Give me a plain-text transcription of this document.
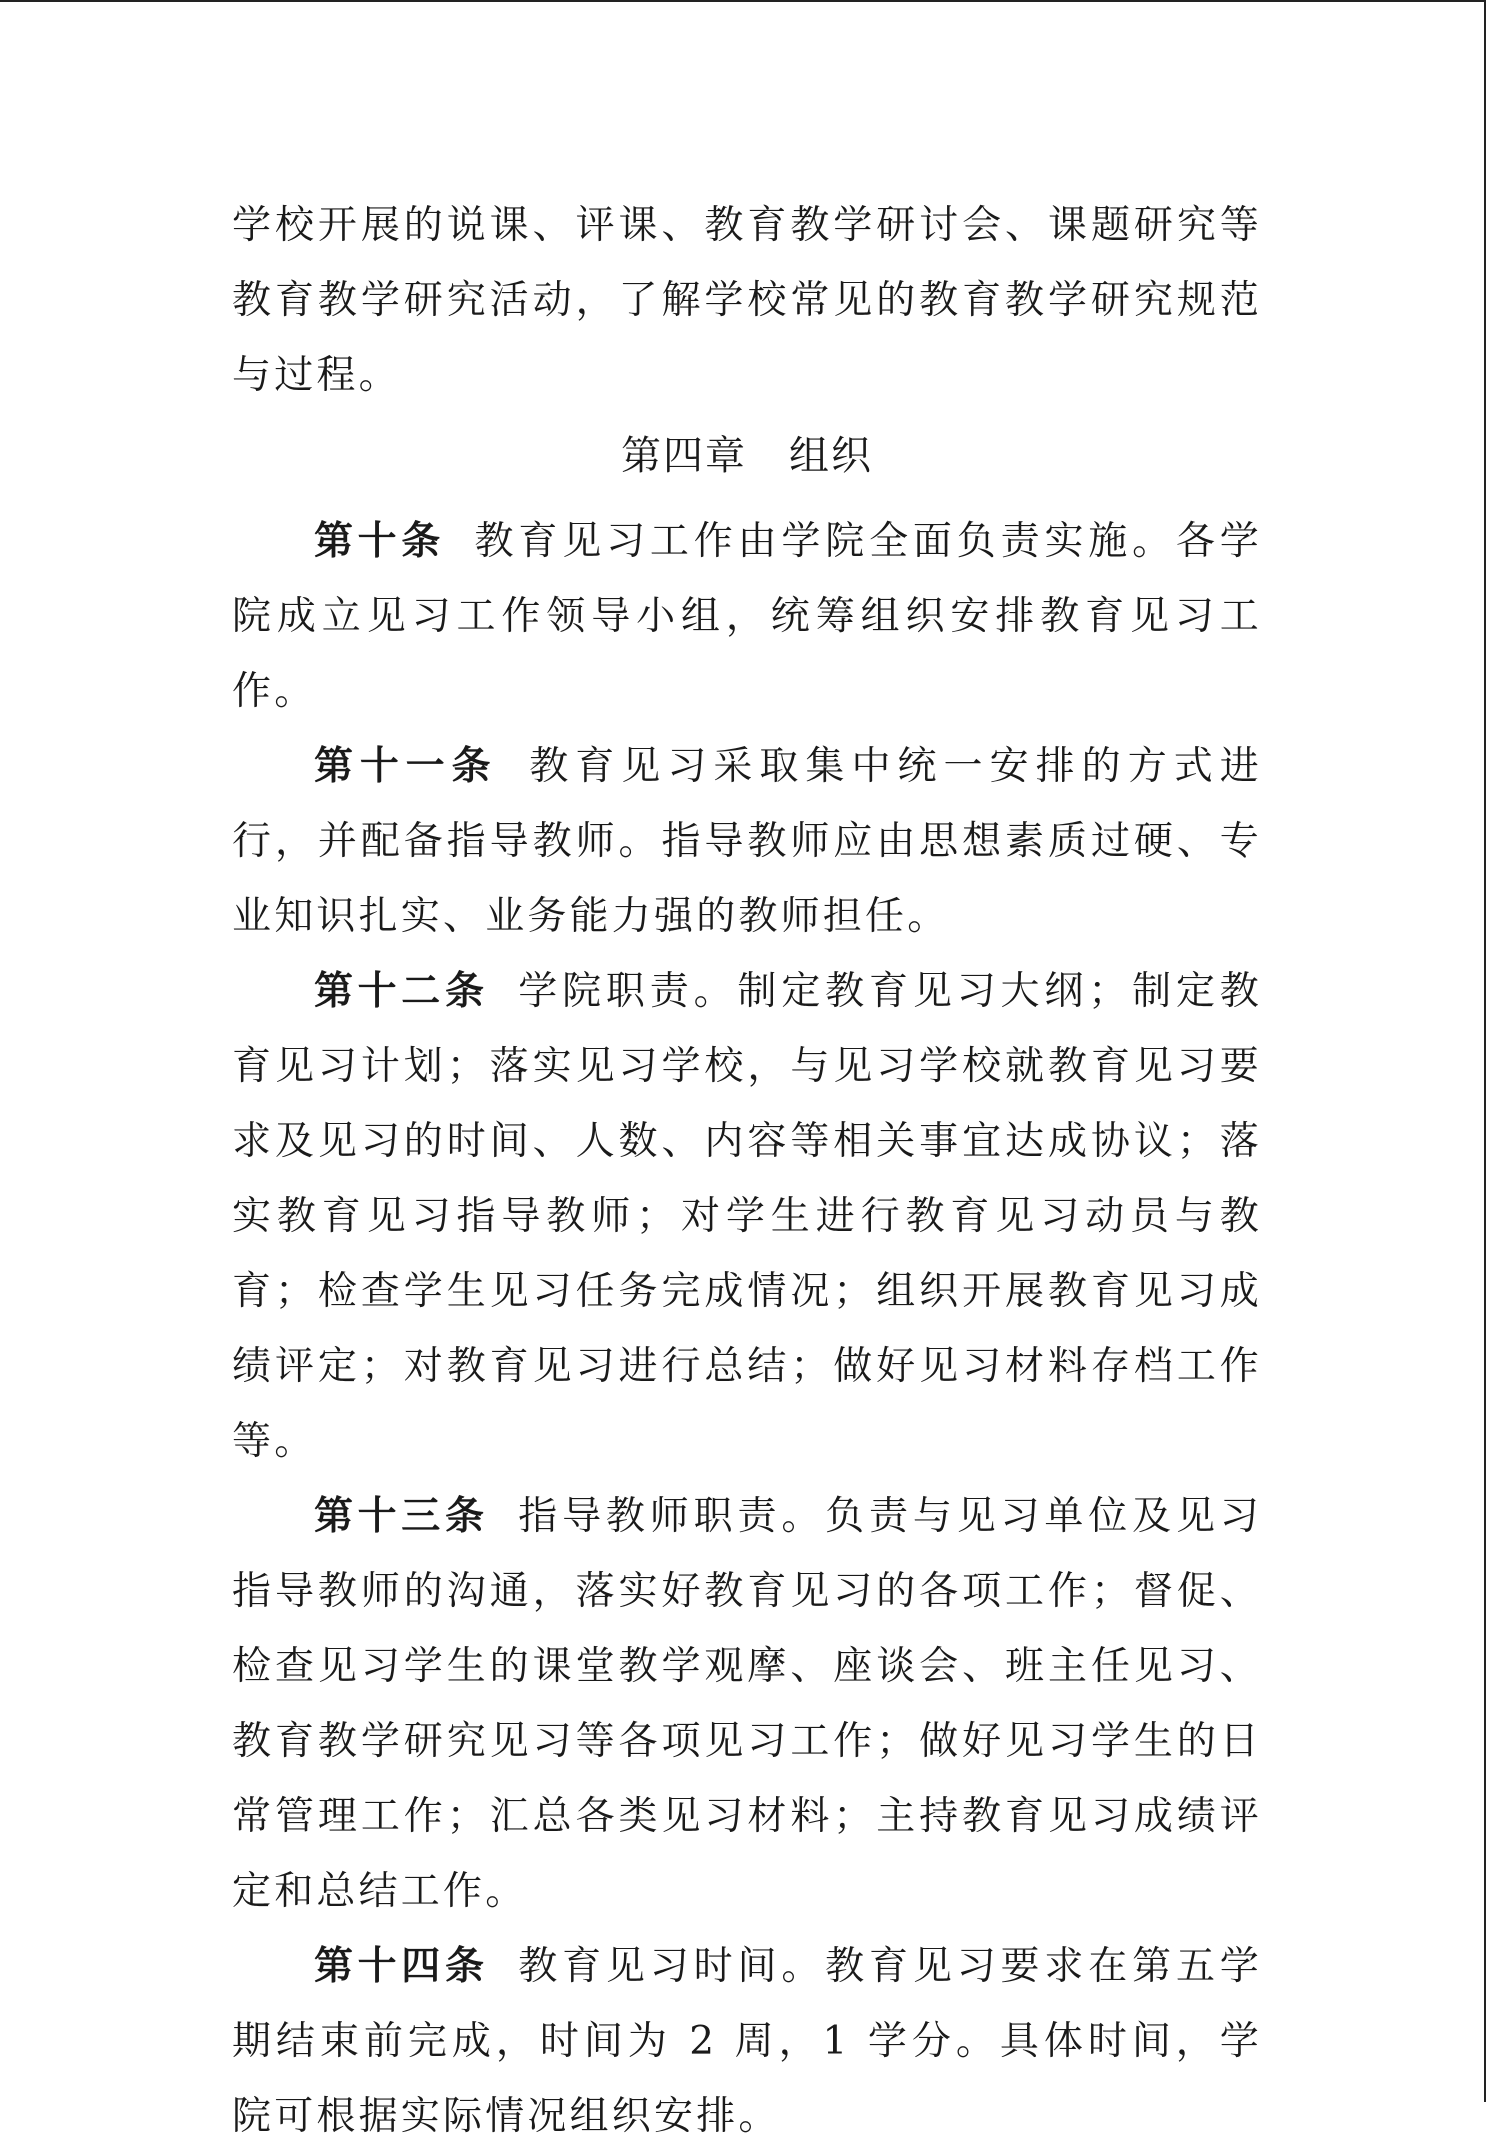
学校开展的说课、评课、教育教学研讨会、课题研究等教育教学研究活动，了解学校常见的教育教学研究规范与过程。

第四章　组织

第十条 教育见习工作由学院全面负责实施。各学院成立见习工作领导小组，统筹组织安排教育见习工作。

第十一条 教育见习采取集中统一安排的方式进行，并配备指导教师。指导教师应由思想素质过硬、专业知识扎实、业务能力强的教师担任。

第十二条 学院职责。制定教育见习大纲；制定教育见习计划；落实见习学校，与见习学校就教育见习要求及见习的时间、人数、内容等相关事宜达成协议；落实教育见习指导教师；对学生进行教育见习动员与教育；检查学生见习任务完成情况；组织开展教育见习成绩评定；对教育见习进行总结；做好见习材料存档工作等。

第十三条 指导教师职责。负责与见习单位及见习指导教师的沟通，落实好教育见习的各项工作；督促、检查见习学生的课堂教学观摩、座谈会、班主任见习、教育教学研究见习等各项见习工作；做好见习学生的日常管理工作；汇总各类见习材料；主持教育见习成绩评定和总结工作。

第十四条 教育见习时间。教育见习要求在第五学期结束前完成，时间为 2 周，1 学分。具体时间，学院可根据实际情况组织安排。
